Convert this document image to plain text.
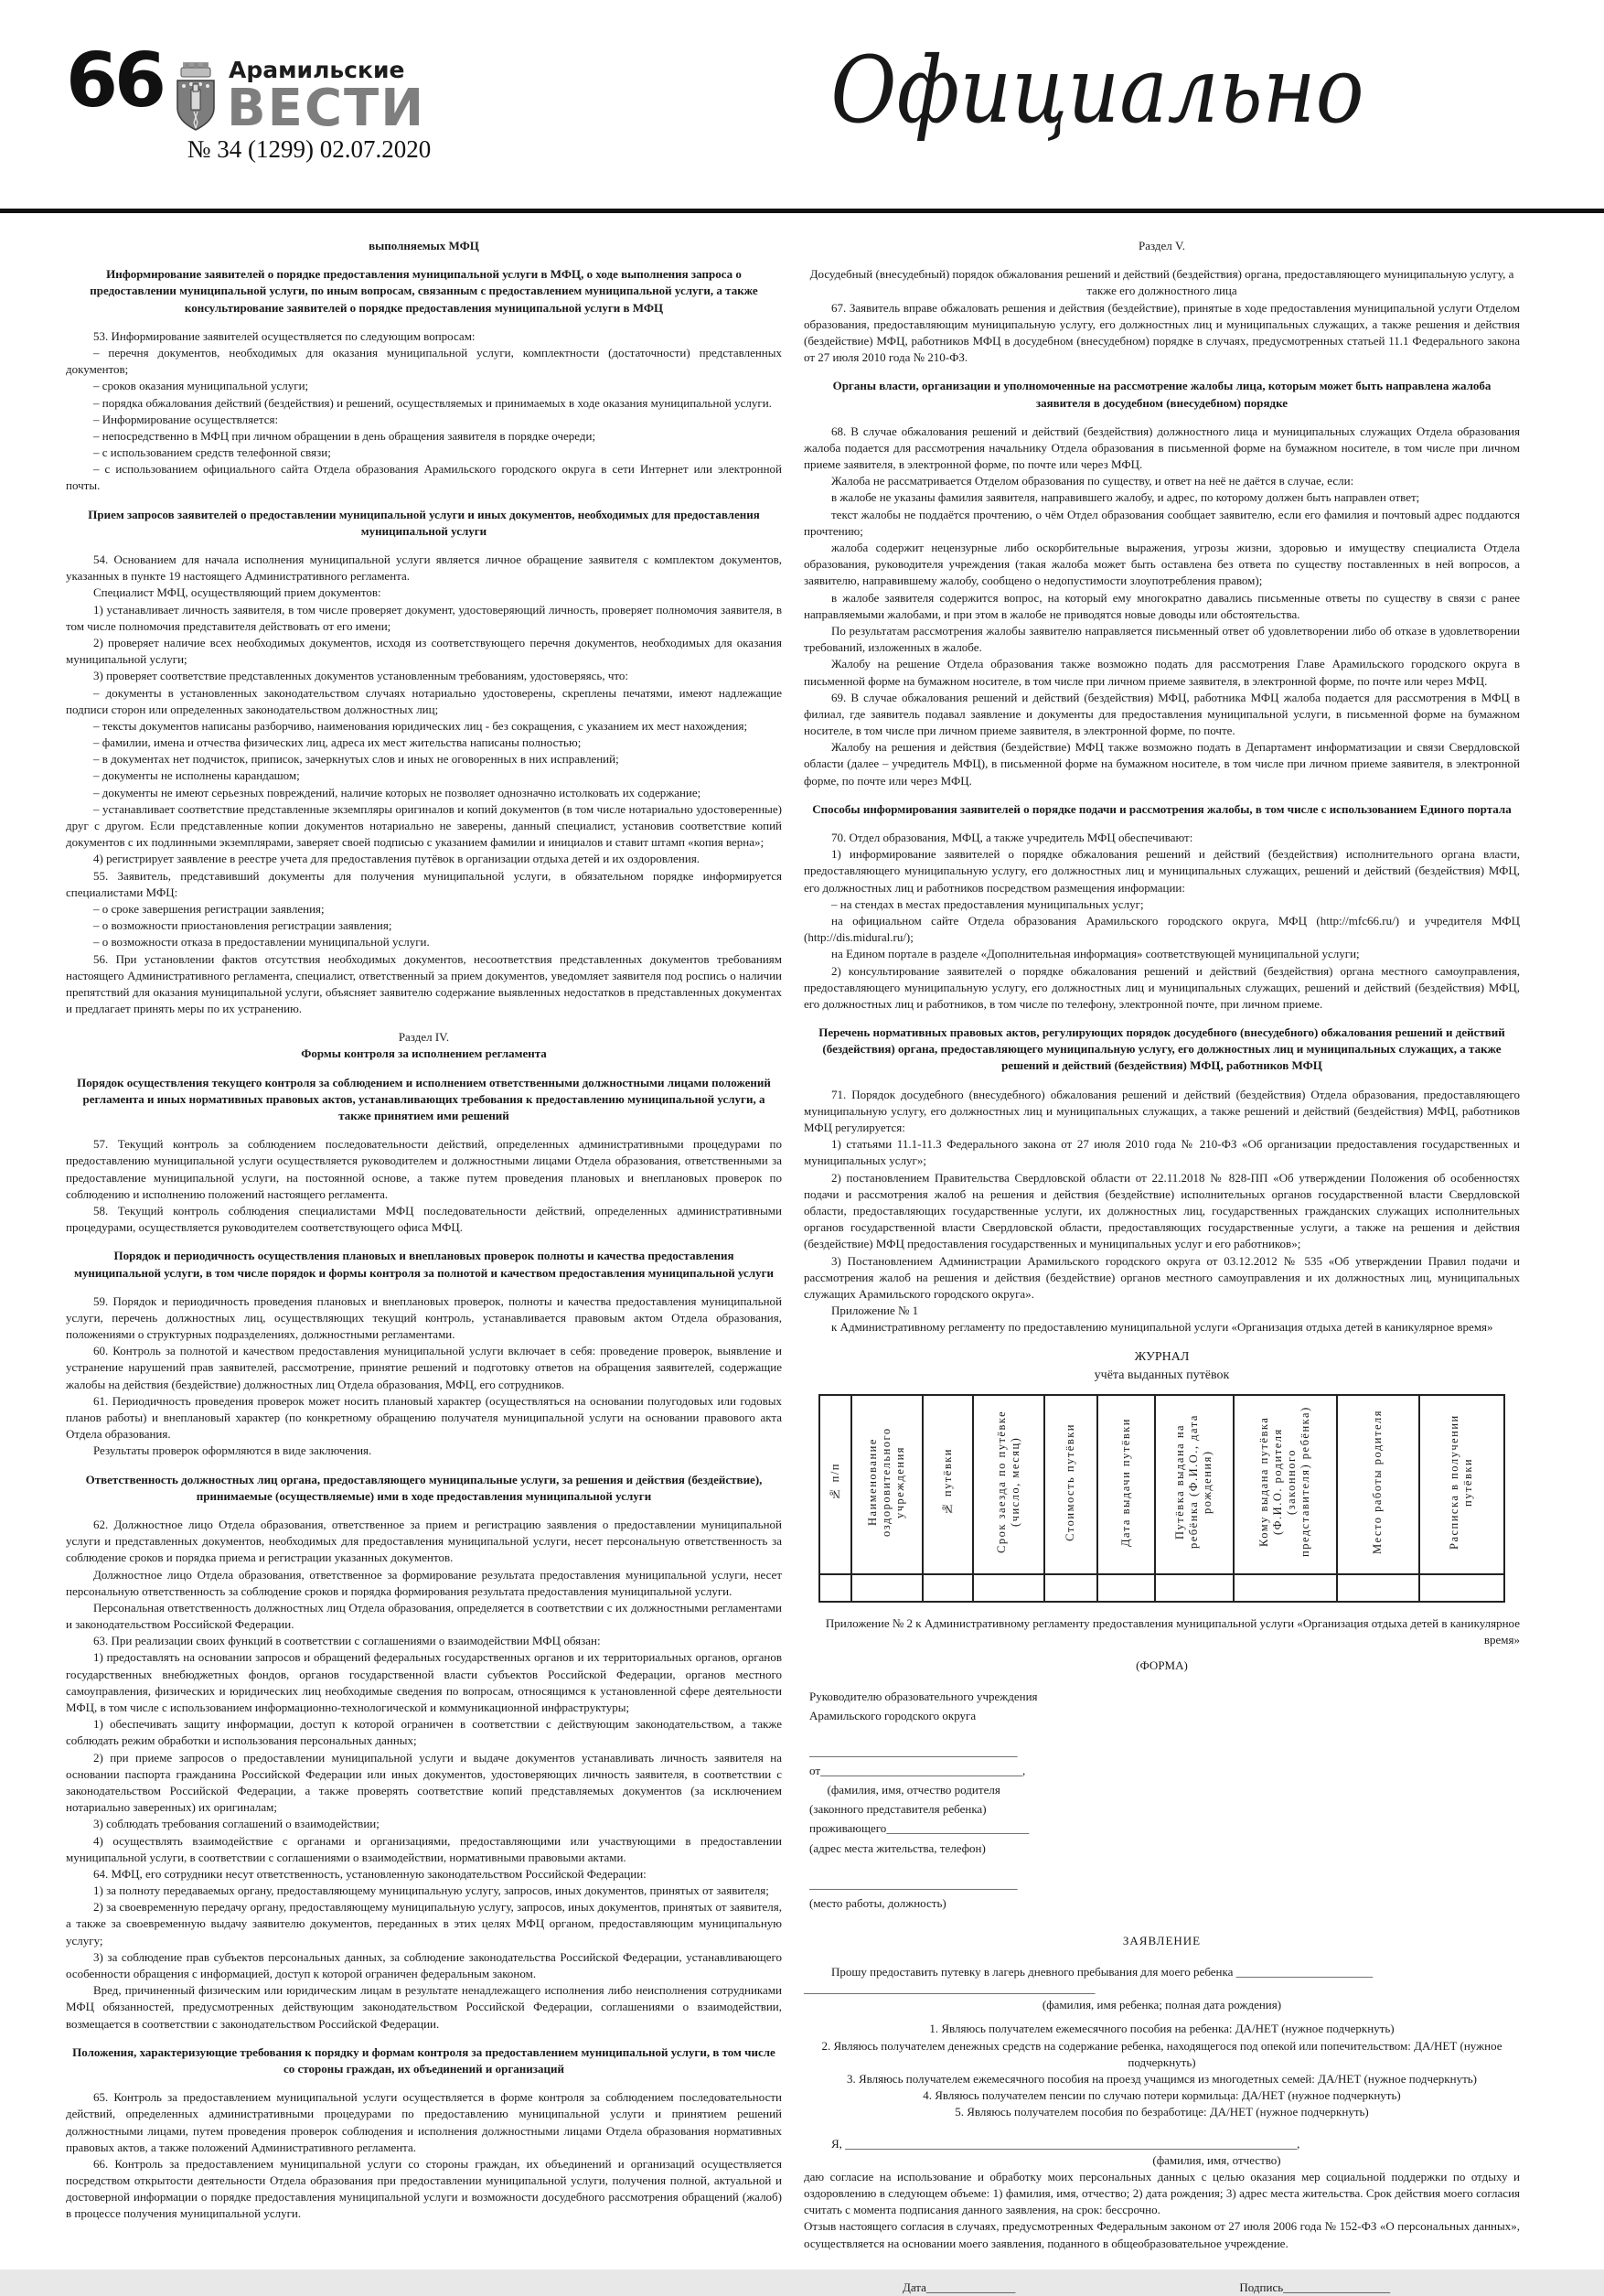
66	Арамильские
ВЕСТИ
№ 34 (1299) 02.07.2020
Официально
выполняемых МФЦ
Информирование заявителей о порядке предоставления муниципальной услуги в МФЦ, о ходе выполнения запроса о предоставлении муниципальной услуги, по иным вопросам, связанным с предоставлением муниципальной услуги, а также консультирование заявителей о порядке предоставления муниципальной услуги в МФЦ
53. Информирование заявителей осуществляется по следующим вопросам:
– перечня документов, необходимых для оказания муниципальной услуги, комплектности (достаточности) представленных документов;
– сроков оказания муниципальной услуги;
– порядка обжалования действий (бездействия) и решений, осуществляемых и принимаемых в ходе оказания муниципальной услуги.
– Информирование осуществляется:
– непосредственно в МФЦ при личном обращении в день обращения заявителя в порядке очереди;
– с использованием средств телефонной связи;
– с использованием официального сайта Отдела образования Арамильского городского округа в сети Интернет или электронной почты.
Прием запросов заявителей о предоставлении муниципальной услуги и иных документов, необходимых для предоставления муниципальной услуги
54. Основанием для начала исполнения муниципальной услуги является личное обращение заявителя с комплектом документов, указанных в пункте 19 настоящего Административного регламента.
Специалист МФЦ, осуществляющий прием документов:
1) устанавливает личность заявителя, в том числе проверяет документ, удостоверяющий личность, проверяет полномочия заявителя, в том числе полномочия представителя действовать от его имени;
2) проверяет наличие всех необходимых документов, исходя из соответствующего перечня документов, необходимых для оказания муниципальной услуги;
3) проверяет соответствие представленных документов установленным требованиям, удостоверяясь, что:
– документы в установленных законодательством случаях нотариально удостоверены, скреплены печатями, имеют надлежащие подписи сторон или определенных законодательством должностных лиц;
– тексты документов написаны разборчиво, наименования юридических лиц - без сокращения, с указанием их мест нахождения;
– фамилии, имена и отчества физических лиц, адреса их мест жительства написаны полностью;
– в документах нет подчисток, приписок, зачеркнутых слов и иных не оговоренных в них исправлений;
– документы не исполнены карандашом;
– документы не имеют серьезных повреждений, наличие которых не позволяет однозначно истолковать их содержание;
– устанавливает соответствие представленные экземпляры оригиналов и копий документов (в том числе нотариально удостоверенные) друг с другом. Если представленные копии документов нотариально не заверены, данный специалист, установив соответствие копий документов с их подлинными экземплярами, заверяет своей подписью с указанием фамилии и инициалов и ставит штамп «копия верна»;
4) регистрирует заявление в реестре учета для предоставления путёвок в организации отдыха детей и их оздоровления.
55. Заявитель, представивший документы для получения муниципальной услуги, в обязательном порядке информируется специалистами МФЦ:
– о сроке завершения регистрации заявления;
– о возможности приостановления регистрации заявления;
– о возможности отказа в предоставлении муниципальной услуги.
56. При установлении фактов отсутствия необходимых документов, несоответствия представленных документов требованиям настоящего Административного регламента, специалист, ответственный за прием документов, уведомляет заявителя под роспись о наличии препятствий для оказания муниципальной услуги, объясняет заявителю содержание выявленных недостатков в представленных документах и предлагает принять меры по их устранению.
Раздел IV.
Формы контроля за исполнением регламента
Порядок осуществления текущего контроля за соблюдением и исполнением ответственными должностными лицами положений регламента и иных нормативных правовых актов, устанавливающих требования к предоставлению муниципальной услуги, а также принятием ими решений
57. Текущий контроль за соблюдением последовательности действий, определенных административными процедурами по предоставлению муниципальной услуги осуществляется руководителем и должностными лицами Отдела образования, ответственными за предоставление муниципальной услуги, на постоянной основе, а также путем проведения плановых и внеплановых проверок по соблюдению и исполнению положений настоящего регламента.
58. Текущий контроль соблюдения специалистами МФЦ последовательности действий, определенных административными процедурами, осуществляется руководителем соответствующего офиса МФЦ.
Порядок и периодичность осуществления плановых и внеплановых проверок полноты и качества предоставления муниципальной услуги, в том числе порядок и формы контроля за полнотой и качеством предоставления муниципальной услуги
59. Порядок и периодичность проведения плановых и внеплановых проверок, полноты и качества предоставления муниципальной услуги, перечень должностных лиц, осуществляющих текущий контроль, устанавливается правовым актом Отдела образования, положениями о структурных подразделениях, должностными регламентами.
60. Контроль за полнотой и качеством предоставления муниципальной услуги включает в себя: проведение проверок, выявление и устранение нарушений прав заявителей, рассмотрение, принятие решений и подготовку ответов на обращения заявителей, содержащие жалобы на действия (бездействие) должностных лиц Отдела образования, МФЦ, его сотрудников.
61. Периодичность проведения проверок может носить плановый характер (осуществляться на основании полугодовых или годовых планов работы) и внеплановый характер (по конкретному обращению получателя муниципальной услуги на основании правового акта Отдела образования.
Результаты проверок оформляются в виде заключения.
Ответственность должностных лиц органа, предоставляющего муниципальные услуги, за решения и действия (бездействие), принимаемые (осуществляемые) ими в ходе предоставления муниципальной услуги
62. Должностное лицо Отдела образования, ответственное за прием и регистрацию заявления о предоставлении муниципальной услуги и представленных документов, необходимых для предоставления муниципальной услуги, несет персональную ответственность за соблюдение сроков и порядка приема и регистрации указанных документов.
Должностное лицо Отдела образования, ответственное за формирование результата предоставления муниципальной услуги, несет персональную ответственность за соблюдение сроков и порядка формирования результата предоставления муниципальной услуги.
Персональная ответственность должностных лиц Отдела образования, определяется в соответствии с их должностными регламентами и законодательством Российской Федерации.
63. При реализации своих функций в соответствии с соглашениями о взаимодействии МФЦ обязан:
1) предоставлять на основании запросов и обращений федеральных государственных органов и их территориальных органов, органов государственных внебюджетных фондов, органов государственной власти субъектов Российской Федерации, органов местного самоуправления, физических и юридических лиц необходимые сведения по вопросам, относящимся к установленной сфере деятельности МФЦ, в том числе с использованием информационно-технологической и коммуникационной инфраструктуры;
1) обеспечивать защиту информации, доступ к которой ограничен в соответствии с действующим законодательством, а также соблюдать режим обработки и использования персональных данных;
2) при приеме запросов о предоставлении муниципальной услуги и выдаче документов устанавливать личность заявителя на основании паспорта гражданина Российской Федерации или иных документов, удостоверяющих личность заявителя, в соответствии с законодательством Российской Федерации, а также проверять соответствие копий представляемых документов (за исключением нотариально заверенных) их оригиналам;
3) соблюдать требования соглашений о взаимодействии;
4) осуществлять взаимодействие с органами и организациями, предоставляющими или участвующими в предоставлении муниципальной услуги, в соответствии с соглашениями о взаимодействии, нормативными правовыми актами.
64. МФЦ, его сотрудники несут ответственность, установленную законодательством Российской Федерации:
1) за полноту передаваемых органу, предоставляющему муниципальную услугу, запросов, иных документов, принятых от заявителя;
2) за своевременную передачу органу, предоставляющему муниципальную услугу, запросов, иных документов, принятых от заявителя, а также за своевременную выдачу заявителю документов, переданных в этих целях МФЦ органом, предоставляющим муниципальную услугу;
3) за соблюдение прав субъектов персональных данных, за соблюдение законодательства Российской Федерации, устанавливающего особенности обращения с информацией, доступ к которой ограничен федеральным законом.
Вред, причиненный физическим или юридическим лицам в результате ненадлежащего исполнения либо неисполнения сотрудниками МФЦ обязанностей, предусмотренных действующим законодательством Российской Федерации, соглашениями о взаимодействии, возмещается в соответствии с законодательством Российской Федерации.
Положения, характеризующие требования к порядку и формам контроля за предоставлением муниципальной услуги, в том числе со стороны граждан, их объединений и организаций
65. Контроль за предоставлением муниципальной услуги осуществляется в форме контроля за соблюдением последовательности действий, определенных административными процедурами по предоставлению муниципальной услуги и принятием решений должностными лицами, путем проведения проверок соблюдения и исполнения должностными лицами Отдела образования нормативных правовых актов, а также положений Административного регламента.
66. Контроль за предоставлением муниципальной услуги со стороны граждан, их объединений и организаций осуществляется посредством открытости деятельности Отдела образования при предоставлении муниципальной услуги, получения полной, актуальной и достоверной информации о порядке предоставления муниципальной услуги и возможности досудебного рассмотрения обращений (жалоб) в процессе получения муниципальной услуги.
Раздел V.
Досудебный (внесудебный) порядок обжалования решений и действий (бездействия) органа, предоставляющего муниципальную услугу, а также его должностного лица
67. Заявитель вправе обжаловать решения и действия (бездействие), принятые в ходе предоставления муниципальной услуги Отделом образования, предоставляющим муниципальную услугу, его должностных лиц и муниципальных служащих, а также решения и действия (бездействие) МФЦ, работников МФЦ в досудебном (внесудебном) порядке в случаях, предусмотренных статьей 11.1 Федерального закона от 27 июля 2010 года № 210-ФЗ.
Органы власти, организации и уполномоченные на рассмотрение жалобы лица, которым может быть направлена жалоба заявителя в досудебном (внесудебном) порядке
68. В случае обжалования решений и действий (бездействия) должностного лица и муниципальных служащих Отдела образования жалоба подается для рассмотрения начальнику Отдела образования в письменной форме на бумажном носителе, в том числе при личном приеме заявителя, в электронной форме, по почте или через МФЦ.
Жалоба не рассматривается Отделом образования по существу, и ответ на неё не даётся в случае, если:
в жалобе не указаны фамилия заявителя, направившего жалобу, и адрес, по которому должен быть направлен ответ;
текст жалобы не поддаётся прочтению, о чём Отдел образования сообщает заявителю, если его фамилия и почтовый адрес поддаются прочтению;
жалоба содержит нецензурные либо оскорбительные выражения, угрозы жизни, здоровью и имуществу специалиста Отдела образования, руководителя учреждения (такая жалоба может быть оставлена без ответа по существу поставленных в ней вопросов, а заявителю, направившему жалобу, сообщено о недопустимости злоупотребления правом);
в жалобе заявителя содержится вопрос, на который ему многократно давались письменные ответы по существу в связи с ранее направляемыми жалобами, и при этом в жалобе не приводятся новые доводы или обстоятельства.
По результатам рассмотрения жалобы заявителю направляется письменный ответ об удовлетворении либо об отказе в удовлетворении требований, изложенных в жалобе.
Жалобу на решение Отдела образования также возможно подать для рассмотрения Главе Арамильского городского округа в письменной форме на бумажном носителе, в том числе при личном приеме заявителя, в электронной форме, по почте или через МФЦ.
69. В случае обжалования решений и действий (бездействия) МФЦ, работника МФЦ жалоба подается для рассмотрения в МФЦ в филиал, где заявитель подавал заявление и документы для предоставления муниципальной услуги, в письменной форме на бумажном носителе, в том числе при личном приеме заявителя, в электронной форме, по почте.
Жалобу на решения и действия (бездействие) МФЦ также возможно подать в Департамент информатизации и связи Свердловской области (далее – учредитель МФЦ), в письменной форме на бумажном носителе, в том числе при личном приеме заявителя, в электронной форме, по почте или через МФЦ.
Способы информирования заявителей о порядке подачи и рассмотрения жалобы, в том числе с использованием Единого портала
70. Отдел образования, МФЦ, а также учредитель МФЦ обеспечивают:
1) информирование заявителей о порядке обжалования решений и действий (бездействия) исполнительного органа власти, предоставляющего муниципальную услугу, его должностных лиц и муниципальных служащих, решений и действий (бездействия) МФЦ, его должностных лиц и работников посредством размещения информации:
– на стендах в местах предоставления муниципальных услуг;
на официальном сайте Отдела образования Арамильского городского округа, МФЦ (http://mfc66.ru/) и учредителя МФЦ (http://dis.midural.ru/);
на Едином портале в разделе «Дополнительная информация» соответствующей муниципальной услуги;
2) консультирование заявителей о порядке обжалования решений и действий (бездействия) органа местного самоуправления, предоставляющего муниципальную услугу, его должностных лиц и муниципальных служащих, решений и действий (бездействия) МФЦ, его должностных лиц и работников, в том числе по телефону, электронной почте, при личном приеме.
Перечень нормативных правовых актов, регулирующих порядок досудебного (внесудебного) обжалования решений и действий (бездействия) органа, предоставляющего муниципальную услугу, его должностных лиц и муниципальных служащих, а также решений и действий (бездействия) МФЦ, работников МФЦ
71. Порядок досудебного (внесудебного) обжалования решений и действий (бездействия) Отдела образования, предоставляющего муниципальную услугу, его должностных лиц и муниципальных служащих, а также решений и действий (бездействия) МФЦ, работников МФЦ регулируется:
1) статьями 11.1-11.3 Федерального закона от 27 июля 2010 года № 210-ФЗ «Об организации предоставления государственных и муниципальных услуг»;
2) постановлением Правительства Свердловской области от 22.11.2018 № 828-ПП «Об утверждении Положения об особенностях подачи и рассмотрения жалоб на решения и действия (бездействие) исполнительных органов государственной власти Свердловской области, предоставляющих государственные услуги, их должностных лиц, государственных гражданских служащих исполнительных органов государственной власти Свердловской области, предоставляющих государственные услуги, а также на решения и действия (бездействие) МФЦ предоставления государственных и муниципальных услуг и его работников»;
3) Постановлением Администрации Арамильского городского округа от 03.12.2012 № 535 «Об утверждении Правил подачи и рассмотрения жалоб на решения и действия (бездействие) органов местного самоуправления и их должностных лиц, муниципальных служащих Арамильского городского округа».
Приложение № 1
к Административному регламенту по предоставлению муниципальной услуги «Организация отдыха детей в каникулярное время»
ЖУРНАЛ
учёта выданных путёвок
№ п/п	Наименование оздоровительного учреждения	№ путёвки	Срок заезда по путёвке (число, месяц)	Стоимость путёвки	Дата выдачи путёвки	Путёвка выдана на ребёнка (Ф.И.О., дата рождения)	Кому выдана путёвка (Ф.И.О. родителя (законного представителя) ребёнка)	Место работы родителя	Расписка в получении путёвки

Приложение № 2 к Административному регламенту предоставления муниципальной услуги «Организация отдыха детей в каникулярное время»
(ФОРМА)
Руководителю образовательного учреждения
Арамильского городского округа
___________________________________
от__________________________________,
(фамилия, имя, отчество родителя
(законного представителя ребенка)
проживающего________________________
(адрес места жительства, телефон)
___________________________________
(место работы, должность)
ЗАЯВЛЕНИЕ
Прошу предоставить путевку в лагерь дневного пребывания для моего ребенка _______________________
_________________________________________________
(фамилия, имя ребенка; полная дата рождения)
1. Являюсь получателем ежемесячного пособия на ребенка: ДА/НЕТ (нужное подчеркнуть)
2. Являюсь получателем денежных средств на содержание ребенка, находящегося под опекой или попечительством: ДА/НЕТ (нужное подчеркнуть)
3. Являюсь получателем ежемесячного пособия на проезд учащимся из многодетных семей: ДА/НЕТ (нужное подчеркнуть)
4. Являюсь получателем пенсии по случаю потери кормильца: ДА/НЕТ (нужное подчеркнуть)
5. Являюсь получателем пособия по безработице: ДА/НЕТ (нужное подчеркнуть)
Я, ____________________________________________________________________________,
(фамилия, имя, отчество)
даю согласие на использование и обработку моих персональных данных с целью оказания мер социальной поддержки по отдыху и оздоровлению в следующем объеме: 1) фамилия, имя, отчество; 2) дата рождения; 3) адрес места жительства. Срок действия моего согласия считать с момента подписания данного заявления, на срок: бессрочно.
Отзыв настоящего согласия в случаях, предусмотренных Федеральным законом от 27 июля 2006 года № 152-ФЗ «О персональных данных», осуществляется на основании моего заявления, поданного в общеобразовательное учреждение.
Дата_______________	Подпись__________________
